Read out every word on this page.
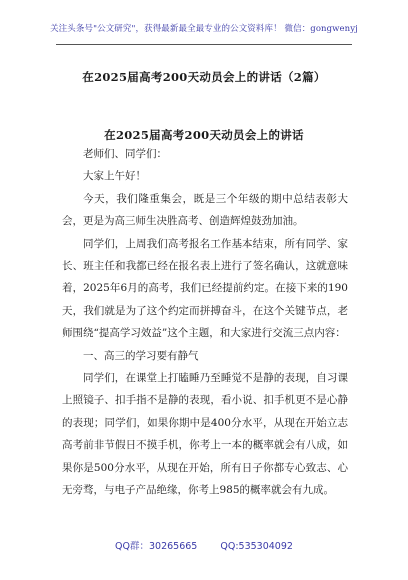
关注头条号"公文研究"，获得最新最全最专业的公文资料库！ 微信：gongwenyj
在2025届高考200天动员会上的讲话（2篇）
在2025届高考200天动员会上的讲话

老师们、同学们：

大家上午好！

今天，我们隆重集会，既是三个年级的期中总结表彰大会，更是为高三师生决胜高考、创造辉煌鼓劲加油。

同学们，上周我们高考报名工作基本结束，所有同学、家长、班主任和我都已经在报名表上进行了签名确认，这就意味着，2025年6月的高考，我们已经提前约定。在接下来的190天，我们就是为了这个约定而拼搏奋斗，在这个关键节点，老师围绕“提高学习效益”这个主题，和大家进行交流三点内容：

一、高三的学习要有静气

同学们，在课堂上打瞌睡乃至睡觉不是静的表现，自习课上照镜子、扣手指不是静的表现，看小说、扣手机更不是心静的表现；同学们，如果你期中是400分水平，从现在开始立志高考前非节假日不摸手机，你考上一本的概率就会有八成，如果你是500分水平，从现在开始，所有日子你都专心致志、心无旁骛，与电子产品绝缘，你考上985的概率就会有九成。

QQ群：30265665 QQ:535304092
